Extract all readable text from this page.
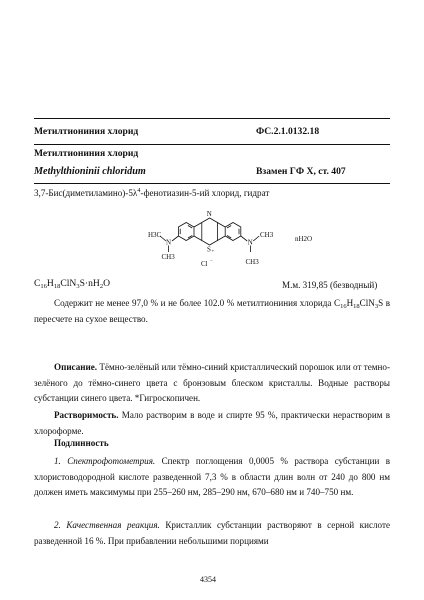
Метилтиониния хлорид	ФС.2.1.0132.18
Метилтиониния хлорид
Methylthioninii chloridum	Взамен ГФ X, ст. 407
$3,7-Бис(диметиламино)-5\lambda^4-фенотиазин-5-ий$ хлорид, гидрат
N
S
N
H3C
CH3
N
CH3
CH3
Cl
nH2O
+
−
$C_{16}H_{18}ClN_3S\cdot nH_2O$	М.м. 319,85 (безводный)
Содержит не менее 97,0 % и не более 102.0 % метилтиониния хлорида $C_{16}H_{18}ClN_3S$ в пересчете на сухое вещество.
Описание. Тёмно-зелёный или тёмно-синий кристаллический порошок или от темно-зелёного до тёмно-синего цвета с бронзовым блеском кристаллы. Водные растворы субстанции синего цвета. *Гигроскопичен.
Растворимость. Мало растворим в воде и спирте 95 %, практически нерастворим в хлороформе.
Подлинность
1. Спектрофотометрия. Спектр поглощения 0,0005 % раствора субстанции в хлористоводородной кислоте разведенной 7,3 % в области длин волн от 240 до 800 нм должен иметь максимумы при 255–260 нм, 285–290 нм, 670–680 нм и 740–750 нм.
2. Качественная реакция. Кристаллик субстанции растворяют в серной кислоте разведенной 16 %. При прибавлении небольшими порциями
4354
